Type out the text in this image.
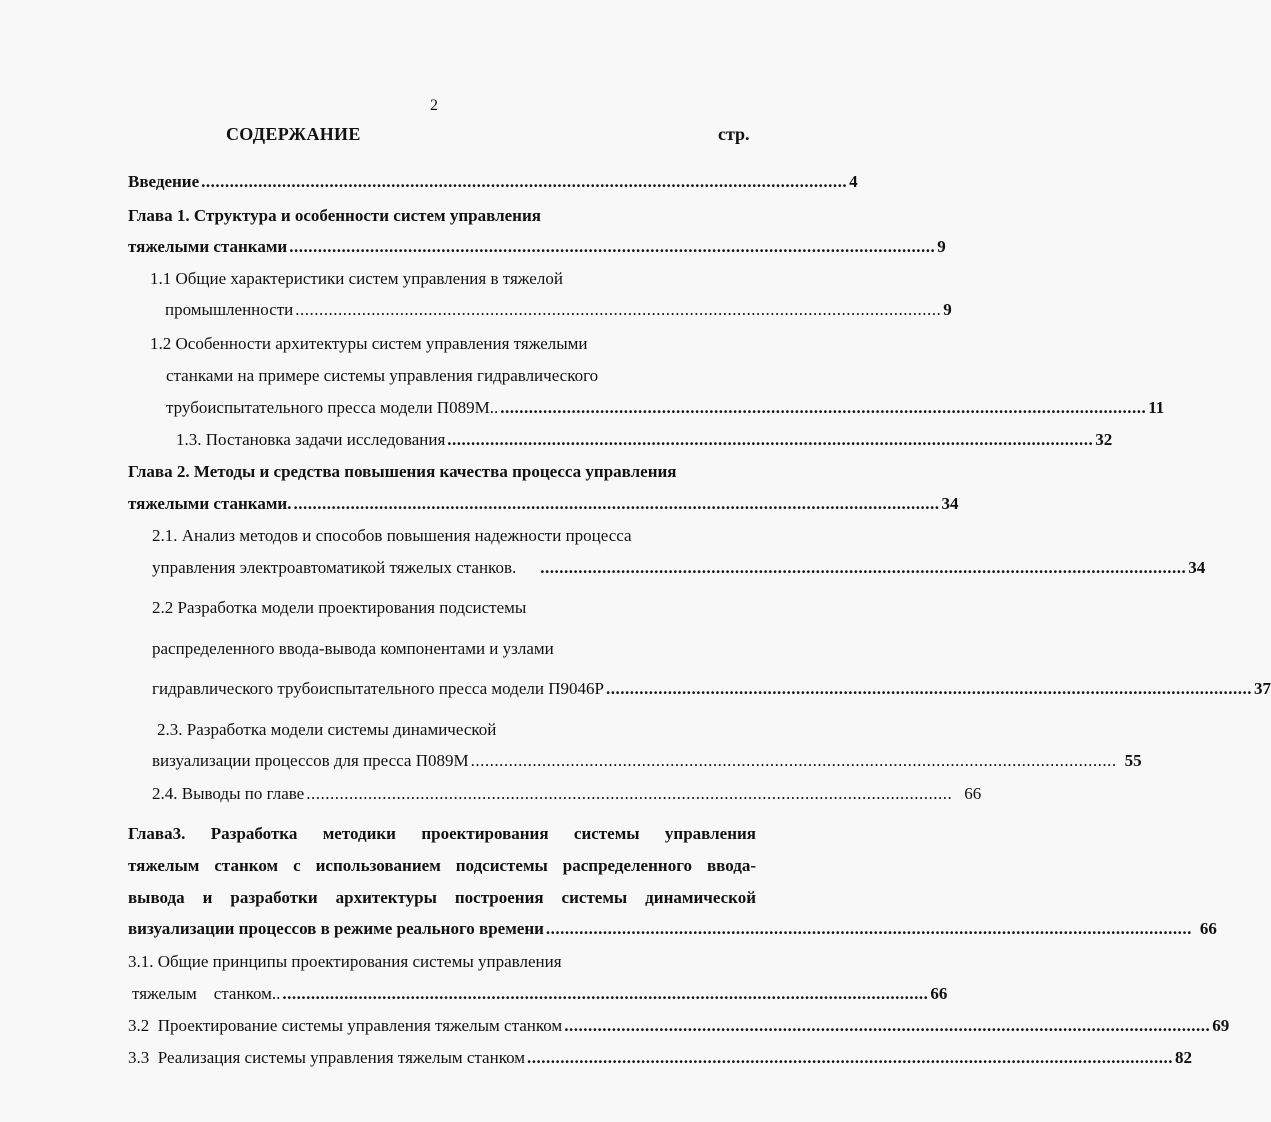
2
СОДЕРЖАНИЕ	стр.
Введение ........................................................................................................................................ 4
Глава 1. Структура и особенности систем управления
тяжелыми станками ........................................................................................................................................ 9
1.1 Общие характеристики систем управления в тяжелой
промышленности ........................................................................................................................................ 9
1.2 Особенности архитектуры систем управления тяжелыми
станками на примере системы управления гидравлического
трубоиспытательного пресса модели П089М.. ........................................................................................................................................ 11
1.3. Постановка задачи исследования ........................................................................................................................................ 32
Глава 2. Методы и средства повышения качества процесса управления
тяжелыми станками. ........................................................................................................................................ 34
2.1. Анализ методов и способов повышения надежности процесса
управления электроавтоматикой тяжелых станков. ........................................................................................................................................ 34
2.2 Разработка модели проектирования подсистемы
распределенного ввода-вывода компонентами и узлами
гидравлического трубоиспытательного пресса модели П9046Р ........................................................................................................................................ 37
2.3. Разработка модели системы динамической
визуализации процессов для пресса П089М ........................................................................................................................................ 55
2.4. Выводы по главе ........................................................................................................................................ 66
Глава3. Разработка методики проектирования системы управления
тяжелым станком с использованием подсистемы распределенного ввода-
вывода и разработки архитектуры построения системы динамической
визуализации процессов в режиме реального времени ........................................................................................................................................ 66
3.1. Общие принципы проектирования системы управления
тяжелым    станком.. ........................................................................................................................................ 66
3.2  Проектирование системы управления тяжелым станком ........................................................................................................................................ 69
3.3  Реализация системы управления тяжелым станком ........................................................................................................................................ 82
